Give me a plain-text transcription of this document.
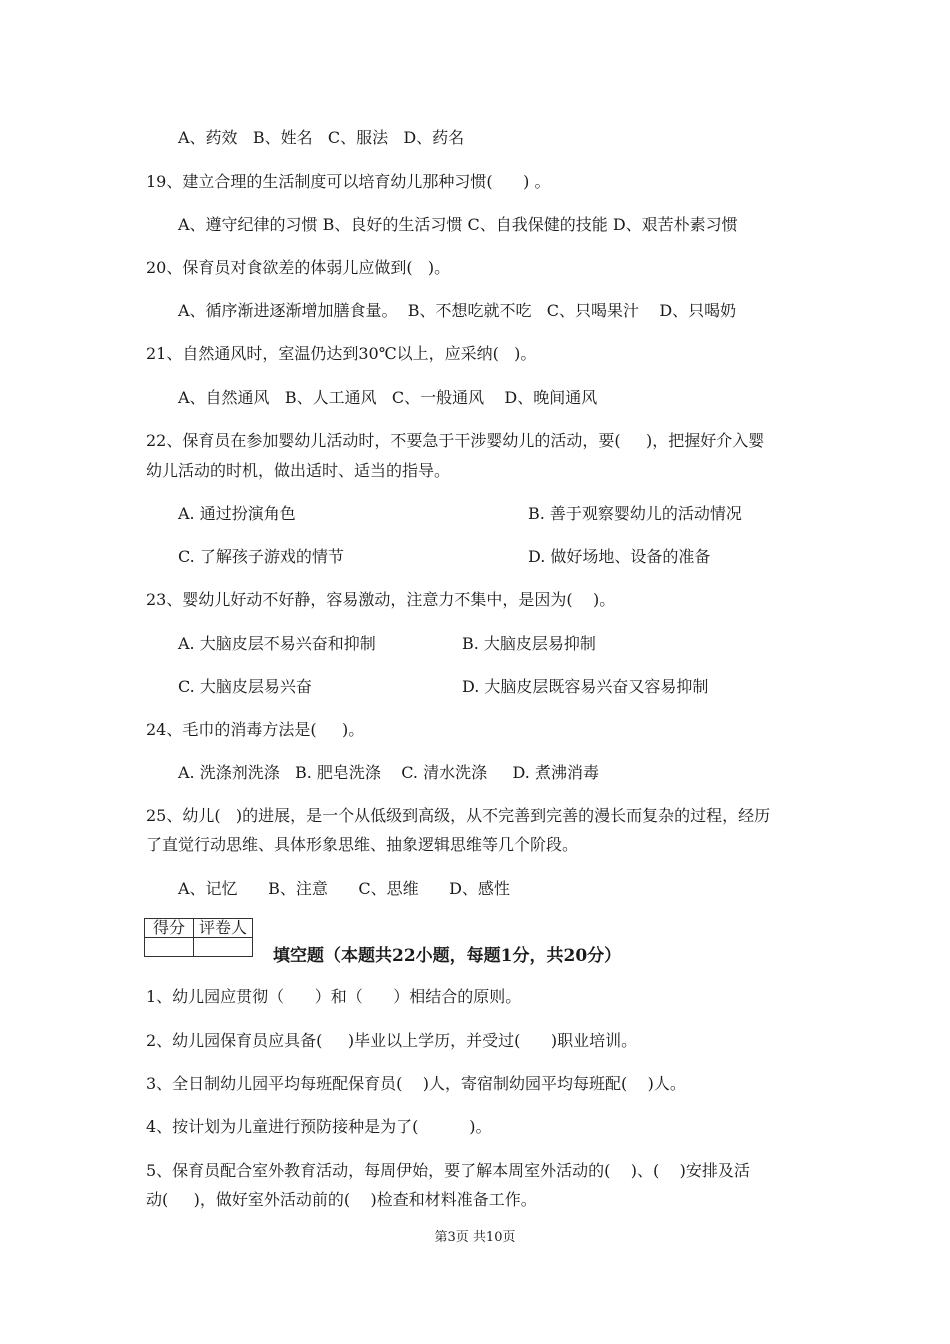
A、药效   B、姓名   C、服法   D、药名
19、建立合理的生活制度可以培育幼儿那种习惯(      ) 。
A、遵守纪律的习惯 B、良好的生活习惯 C、自我保健的技能 D、艰苦朴素习惯
20、保育员对食欲差的体弱儿应做到(   )。
A、循序渐进逐渐增加膳食量。  B、不想吃就不吃   C、只喝果汁    D、只喝奶
21、自然通风时，室温仍达到30℃以上，应采纳(   )。
A、自然通风   B、人工通风   C、一般通风    D、晚间通风
22、保育员在参加婴幼儿活动时，不要急于干涉婴幼儿的活动，要(     )，把握好介入婴
幼儿活动的时机，做出适时、适当的指导。
23、婴幼儿好动不好静，容易激动，注意力不集中，是因为(    )。
24、毛巾的消毒方法是(     )。
A. 洗涤剂洗涤   B. 肥皂洗涤    C. 清水洗涤     D. 煮沸消毒
25、幼儿(   )的进展，是一个从低级到高级，从不完善到完善的漫长而复杂的过程，经历
了直觉行动思维、具体形象思维、抽象逻辑思维等几个阶段。
A、记忆      B、注意      C、思维      D、感性
1、幼儿园应贯彻（      ）和（      ）相结合的原则。
2、幼儿园保育员应具备(     )毕业以上学历，并受过(      )职业培训。
3、全日制幼儿园平均每班配保育员(    )人，寄宿制幼园平均每班配(    )人。
4、按计划为儿童进行预防接种是为了(          )。
5、保育员配合室外教育活动，每周伊始，要了解本周室外活动的(    )、(    )安排及活
动(     )，做好室外活动前的(    )检查和材料准备工作。
A. 通过扮演角色	B. 善于观察婴幼儿的活动情况
C. 了解孩子游戏的情节	D. 做好场地、设备的准备
A. 大脑皮层不易兴奋和抑制	B. 大脑皮层易抑制
C. 大脑皮层易兴奋	D. 大脑皮层既容易兴奋又容易抑制
得分	评卷人

填空题（本题共22小题，每题1分，共20分）
第3页 共10页
